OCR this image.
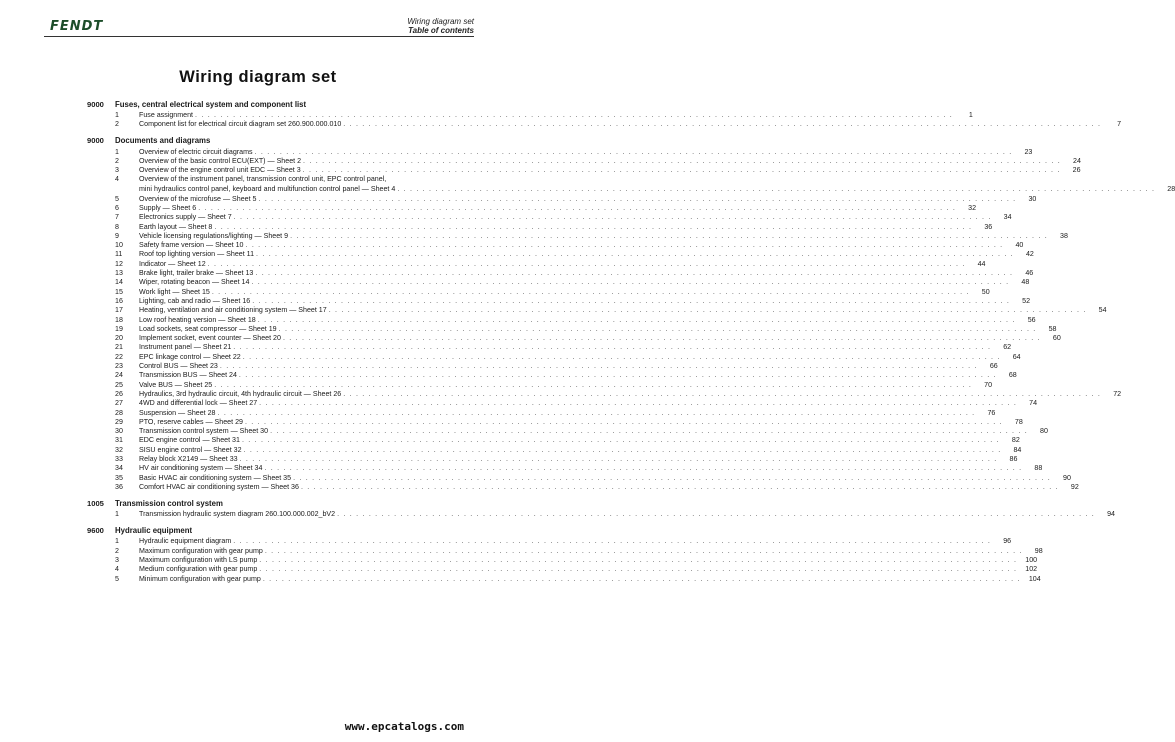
FENDT	Wiring diagram set
Table of contents
Wiring diagram set
9000	Fuses, central electrical system and component list
1	Fuse assignment . . . . . . . . . . . . . . . . . . . . . . . . . . . . . . . . . . . . . . . . . . . . . . . . . . . . . . . . . . . . . . . . . . . . . . . . . . . . . . . . . . . . . . . . . . . . . . . . . . . . . . . . . . . . . . . . . . . . . . . .	1
2	Component list for electrical circuit diagram set 260.900.000.010 . . . . . . . . . . . . . . . . . . . . . . . . . . . . . . . . . . . . . . . . . . . . . . . . . . . . . . . . . . . . . . . . . . . . . . . . . . . . . . . . . . . . . . . . . . . . . . . . . . . . . . . . . . . . . . . . . . . . . . . .	7
9000	Documents and diagrams
1	Overview of electric circuit diagrams . . . . . . . . . . . . . . . . . . . . . . . . . . . . . . . . . . . . . . . . . . . . . . . . . . . . . . . . . . . . . . . . . . . . . . . . . . . . . . . . . . . . . . . . . . . . . . . . . . . . . . . . . . . . . . . . . . . . . . . .	23
2	Overview of the basic control ECU(EXT) — Sheet 2 . . . . . . . . . . . . . . . . . . . . . . . . . . . . . . . . . . . . . . . . . . . . . . . . . . . . . . . . . . . . . . . . . . . . . . . . . . . . . . . . . . . . . . . . . . . . . . . . . . . . . . . . . . . . . . . . . . . . . . . .	24
3	Overview of the engine control unit EDC — Sheet 3 . . . . . . . . . . . . . . . . . . . . . . . . . . . . . . . . . . . . . . . . . . . . . . . . . . . . . . . . . . . . . . . . . . . . . . . . . . . . . . . . . . . . . . . . . . . . . . . . . . . . . . . . . . . . . . . . . . . . . . . .	26
4	Overview of the instrument panel, transmission control unit, EPC control panel,
mini hydraulics control panel, keyboard and multifunction control panel — Sheet 4 . . . . . . . . . . . . . . . . . . . . . . . . . . . . . . . . . . . . . . . . . . . . . . . . . . . . . . . . . . . . . . . . . . . . . . . . . . . . . . . . . . . . . . . . . . . . . . . . . . . . . . . . . . . . . . . . . . . . . . . .	28
5	Overview of the microfuse — Sheet 5 . . . . . . . . . . . . . . . . . . . . . . . . . . . . . . . . . . . . . . . . . . . . . . . . . . . . . . . . . . . . . . . . . . . . . . . . . . . . . . . . . . . . . . . . . . . . . . . . . . . . . . . . . . . . . . . . . . . . . . . .	30
6	Supply — Sheet 6 . . . . . . . . . . . . . . . . . . . . . . . . . . . . . . . . . . . . . . . . . . . . . . . . . . . . . . . . . . . . . . . . . . . . . . . . . . . . . . . . . . . . . . . . . . . . . . . . . . . . . . . . . . . . . . . . . . . . . . . .	32
7	Electronics supply — Sheet 7 . . . . . . . . . . . . . . . . . . . . . . . . . . . . . . . . . . . . . . . . . . . . . . . . . . . . . . . . . . . . . . . . . . . . . . . . . . . . . . . . . . . . . . . . . . . . . . . . . . . . . . . . . . . . . . . . . . . . . . . .	34
8	Earth layout — Sheet 8 . . . . . . . . . . . . . . . . . . . . . . . . . . . . . . . . . . . . . . . . . . . . . . . . . . . . . . . . . . . . . . . . . . . . . . . . . . . . . . . . . . . . . . . . . . . . . . . . . . . . . . . . . . . . . . . . . . . . . . . .	36
9	Vehicle licensing regulations/lighting — Sheet 9 . . . . . . . . . . . . . . . . . . . . . . . . . . . . . . . . . . . . . . . . . . . . . . . . . . . . . . . . . . . . . . . . . . . . . . . . . . . . . . . . . . . . . . . . . . . . . . . . . . . . . . . . . . . . . . . . . . . . . . . .	38
10	Safety frame version — Sheet 10 . . . . . . . . . . . . . . . . . . . . . . . . . . . . . . . . . . . . . . . . . . . . . . . . . . . . . . . . . . . . . . . . . . . . . . . . . . . . . . . . . . . . . . . . . . . . . . . . . . . . . . . . . . . . . . . . . . . . . . . .	40
11	Roof top lighting version — Sheet 11 . . . . . . . . . . . . . . . . . . . . . . . . . . . . . . . . . . . . . . . . . . . . . . . . . . . . . . . . . . . . . . . . . . . . . . . . . . . . . . . . . . . . . . . . . . . . . . . . . . . . . . . . . . . . . . . . . . . . . . . .	42
12	Indicator — Sheet 12 . . . . . . . . . . . . . . . . . . . . . . . . . . . . . . . . . . . . . . . . . . . . . . . . . . . . . . . . . . . . . . . . . . . . . . . . . . . . . . . . . . . . . . . . . . . . . . . . . . . . . . . . . . . . . . . . . . . . . . . .	44
13	Brake light, trailer brake — Sheet 13 . . . . . . . . . . . . . . . . . . . . . . . . . . . . . . . . . . . . . . . . . . . . . . . . . . . . . . . . . . . . . . . . . . . . . . . . . . . . . . . . . . . . . . . . . . . . . . . . . . . . . . . . . . . . . . . . . . . . . . . .	46
14	Wiper, rotating beacon — Sheet 14 . . . . . . . . . . . . . . . . . . . . . . . . . . . . . . . . . . . . . . . . . . . . . . . . . . . . . . . . . . . . . . . . . . . . . . . . . . . . . . . . . . . . . . . . . . . . . . . . . . . . . . . . . . . . . . . . . . . . . . . .	48
15	Work light — Sheet 15 . . . . . . . . . . . . . . . . . . . . . . . . . . . . . . . . . . . . . . . . . . . . . . . . . . . . . . . . . . . . . . . . . . . . . . . . . . . . . . . . . . . . . . . . . . . . . . . . . . . . . . . . . . . . . . . . . . . . . . . .	50
16	Lighting, cab and radio — Sheet 16 . . . . . . . . . . . . . . . . . . . . . . . . . . . . . . . . . . . . . . . . . . . . . . . . . . . . . . . . . . . . . . . . . . . . . . . . . . . . . . . . . . . . . . . . . . . . . . . . . . . . . . . . . . . . . . . . . . . . . . . .	52
17	Heating, ventilation and air conditioning system — Sheet 17 . . . . . . . . . . . . . . . . . . . . . . . . . . . . . . . . . . . . . . . . . . . . . . . . . . . . . . . . . . . . . . . . . . . . . . . . . . . . . . . . . . . . . . . . . . . . . . . . . . . . . . . . . . . . . . . . . . . . . . . .	54
18	Low roof heating version — Sheet 18 . . . . . . . . . . . . . . . . . . . . . . . . . . . . . . . . . . . . . . . . . . . . . . . . . . . . . . . . . . . . . . . . . . . . . . . . . . . . . . . . . . . . . . . . . . . . . . . . . . . . . . . . . . . . . . . . . . . . . . . .	56
19	Load sockets, seat compressor — Sheet 19 . . . . . . . . . . . . . . . . . . . . . . . . . . . . . . . . . . . . . . . . . . . . . . . . . . . . . . . . . . . . . . . . . . . . . . . . . . . . . . . . . . . . . . . . . . . . . . . . . . . . . . . . . . . . . . . . . . . . . . . .	58
20	Implement socket, event counter — Sheet 20 . . . . . . . . . . . . . . . . . . . . . . . . . . . . . . . . . . . . . . . . . . . . . . . . . . . . . . . . . . . . . . . . . . . . . . . . . . . . . . . . . . . . . . . . . . . . . . . . . . . . . . . . . . . . . . . . . . . . . . . .	60
21	Instrument panel — Sheet 21 . . . . . . . . . . . . . . . . . . . . . . . . . . . . . . . . . . . . . . . . . . . . . . . . . . . . . . . . . . . . . . . . . . . . . . . . . . . . . . . . . . . . . . . . . . . . . . . . . . . . . . . . . . . . . . . . . . . . . . . .	62
22	EPC linkage control — Sheet 22 . . . . . . . . . . . . . . . . . . . . . . . . . . . . . . . . . . . . . . . . . . . . . . . . . . . . . . . . . . . . . . . . . . . . . . . . . . . . . . . . . . . . . . . . . . . . . . . . . . . . . . . . . . . . . . . . . . . . . . . .	64
23	Control BUS — Sheet 23 . . . . . . . . . . . . . . . . . . . . . . . . . . . . . . . . . . . . . . . . . . . . . . . . . . . . . . . . . . . . . . . . . . . . . . . . . . . . . . . . . . . . . . . . . . . . . . . . . . . . . . . . . . . . . . . . . . . . . . . .	66
24	Transmission BUS — Sheet 24 . . . . . . . . . . . . . . . . . . . . . . . . . . . . . . . . . . . . . . . . . . . . . . . . . . . . . . . . . . . . . . . . . . . . . . . . . . . . . . . . . . . . . . . . . . . . . . . . . . . . . . . . . . . . . . . . . . . . . . . .	68
25	Valve BUS — Sheet 25 . . . . . . . . . . . . . . . . . . . . . . . . . . . . . . . . . . . . . . . . . . . . . . . . . . . . . . . . . . . . . . . . . . . . . . . . . . . . . . . . . . . . . . . . . . . . . . . . . . . . . . . . . . . . . . . . . . . . . . . .	70
26	Hydraulics, 3rd hydraulic circuit, 4th hydraulic circuit — Sheet 26 . . . . . . . . . . . . . . . . . . . . . . . . . . . . . . . . . . . . . . . . . . . . . . . . . . . . . . . . . . . . . . . . . . . . . . . . . . . . . . . . . . . . . . . . . . . . . . . . . . . . . . . . . . . . . . . . . . . . . . . .	72
27	4WD and differential lock — Sheet 27 . . . . . . . . . . . . . . . . . . . . . . . . . . . . . . . . . . . . . . . . . . . . . . . . . . . . . . . . . . . . . . . . . . . . . . . . . . . . . . . . . . . . . . . . . . . . . . . . . . . . . . . . . . . . . . . . . . . . . . . .	74
28	Suspension — Sheet 28 . . . . . . . . . . . . . . . . . . . . . . . . . . . . . . . . . . . . . . . . . . . . . . . . . . . . . . . . . . . . . . . . . . . . . . . . . . . . . . . . . . . . . . . . . . . . . . . . . . . . . . . . . . . . . . . . . . . . . . . .	76
29	PTO, reserve cables — Sheet 29 . . . . . . . . . . . . . . . . . . . . . . . . . . . . . . . . . . . . . . . . . . . . . . . . . . . . . . . . . . . . . . . . . . . . . . . . . . . . . . . . . . . . . . . . . . . . . . . . . . . . . . . . . . . . . . . . . . . . . . . .	78
30	Transmission control system — Sheet 30 . . . . . . . . . . . . . . . . . . . . . . . . . . . . . . . . . . . . . . . . . . . . . . . . . . . . . . . . . . . . . . . . . . . . . . . . . . . . . . . . . . . . . . . . . . . . . . . . . . . . . . . . . . . . . . . . . . . . . . . .	80
31	EDC engine control — Sheet 31 . . . . . . . . . . . . . . . . . . . . . . . . . . . . . . . . . . . . . . . . . . . . . . . . . . . . . . . . . . . . . . . . . . . . . . . . . . . . . . . . . . . . . . . . . . . . . . . . . . . . . . . . . . . . . . . . . . . . . . . .	82
32	SISU engine control — Sheet 32 . . . . . . . . . . . . . . . . . . . . . . . . . . . . . . . . . . . . . . . . . . . . . . . . . . . . . . . . . . . . . . . . . . . . . . . . . . . . . . . . . . . . . . . . . . . . . . . . . . . . . . . . . . . . . . . . . . . . . . . .	84
33	Relay block X2149 — Sheet 33 . . . . . . . . . . . . . . . . . . . . . . . . . . . . . . . . . . . . . . . . . . . . . . . . . . . . . . . . . . . . . . . . . . . . . . . . . . . . . . . . . . . . . . . . . . . . . . . . . . . . . . . . . . . . . . . . . . . . . . . .	86
34	HV air conditioning system — Sheet 34 . . . . . . . . . . . . . . . . . . . . . . . . . . . . . . . . . . . . . . . . . . . . . . . . . . . . . . . . . . . . . . . . . . . . . . . . . . . . . . . . . . . . . . . . . . . . . . . . . . . . . . . . . . . . . . . . . . . . . . . .	88
35	Basic HVAC air conditioning system — Sheet 35 . . . . . . . . . . . . . . . . . . . . . . . . . . . . . . . . . . . . . . . . . . . . . . . . . . . . . . . . . . . . . . . . . . . . . . . . . . . . . . . . . . . . . . . . . . . . . . . . . . . . . . . . . . . . . . . . . . . . . . . .	90
36	Comfort HVAC air conditioning system — Sheet 36 . . . . . . . . . . . . . . . . . . . . . . . . . . . . . . . . . . . . . . . . . . . . . . . . . . . . . . . . . . . . . . . . . . . . . . . . . . . . . . . . . . . . . . . . . . . . . . . . . . . . . . . . . . . . . . . . . . . . . . . .	92
1005	Transmission control system
1	Transmission hydraulic system diagram 260.100.000.002_bV2 . . . . . . . . . . . . . . . . . . . . . . . . . . . . . . . . . . . . . . . . . . . . . . . . . . . . . . . . . . . . . . . . . . . . . . . . . . . . . . . . . . . . . . . . . . . . . . . . . . . . . . . . . . . . . . . . . . . . . . . .	94
9600	Hydraulic equipment
1	Hydraulic equipment diagram . . . . . . . . . . . . . . . . . . . . . . . . . . . . . . . . . . . . . . . . . . . . . . . . . . . . . . . . . . . . . . . . . . . . . . . . . . . . . . . . . . . . . . . . . . . . . . . . . . . . . . . . . . . . . . . . . . . . . . . .	96
2	Maximum configuration with gear pump . . . . . . . . . . . . . . . . . . . . . . . . . . . . . . . . . . . . . . . . . . . . . . . . . . . . . . . . . . . . . . . . . . . . . . . . . . . . . . . . . . . . . . . . . . . . . . . . . . . . . . . . . . . . . . . . . . . . . . . .	98
3	Maximum configuration with LS pump . . . . . . . . . . . . . . . . . . . . . . . . . . . . . . . . . . . . . . . . . . . . . . . . . . . . . . . . . . . . . . . . . . . . . . . . . . . . . . . . . . . . . . . . . . . . . . . . . . . . . . . . . . . . . . . . . . . . . . . .	100
4	Medium configuration with gear pump . . . . . . . . . . . . . . . . . . . . . . . . . . . . . . . . . . . . . . . . . . . . . . . . . . . . . . . . . . . . . . . . . . . . . . . . . . . . . . . . . . . . . . . . . . . . . . . . . . . . . . . . . . . . . . . . . . . . . . . .	102
5	Minimum configuration with gear pump . . . . . . . . . . . . . . . . . . . . . . . . . . . . . . . . . . . . . . . . . . . . . . . . . . . . . . . . . . . . . . . . . . . . . . . . . . . . . . . . . . . . . . . . . . . . . . . . . . . . . . . . . . . . . . . . . . . . . . . .	104
www.epcatalogs.com
